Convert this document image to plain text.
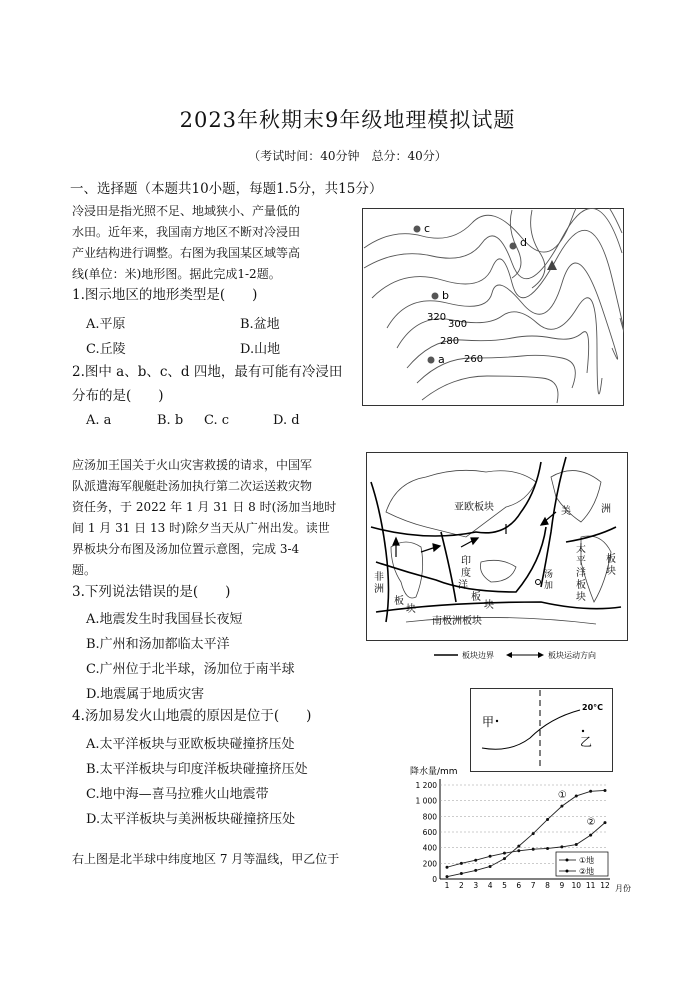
2023年秋期末9年级地理模拟试题
（考试时间：40分钟　总分：40分）
一、选择题（本题共10小题，每题1.5分，共15分）
冷浸田是指光照不足、地域狭小、产量低的
水田。近年来，我国南方地区不断对冷浸田
产业结构进行调整。右图为我国某区域等高
线(单位：米)地形图。据此完成1-2题。
1.图示地区的地形类型是(　　)
A.平原	B.盆地
C.丘陵	D.山地
2.图中 a、b、c、d 四地，最有可能有冷浸田
分布的是(　　)
A. a	B. b C. c	D. d
c
d
b
320
300
280
a 260
应汤加王国关于火山灾害救援的请求，中国军
队派遣海军舰艇赴汤加执行第二次运送救灾物
资任务，于 2022 年 1 月 31 日 8 时(汤加当地时
间 1 月 31 日 13 时)除夕当天从广州出发。读世
界板块分布图及汤加位置示意图，完成 3-4
题。
3.下列说法错误的是(　　)
A.地震发生时我国昼长夜短
B.广州和汤加都临太平洋
C.广州位于北半球，汤加位于南半球
D.地震属于地质灾害
4.汤加易发火山地震的原因是位于(　　)
A.太平洋板块与亚欧板块碰撞挤压处
B.太平洋板块与印度洋板块碰撞挤压处
C.地中海—喜马拉雅火山地震带
D.太平洋板块与美洲板块碰撞挤压处
右上图是北半球中纬度地区 7 月等温线，甲乙位于
亚欧板块
非
洲
板
块
印
度
洋
板
块
太
平
洋
板
块
美	洲
板
块
南极洲板块
汤
加
板块边界	板块运动方向
甲
乙
20°C
降水量/mm
月份
0
200
400
600
800
1 000
1 200
1 2 3 4 5 6 7 8 9 10 11 12
①
②
①地
②地
